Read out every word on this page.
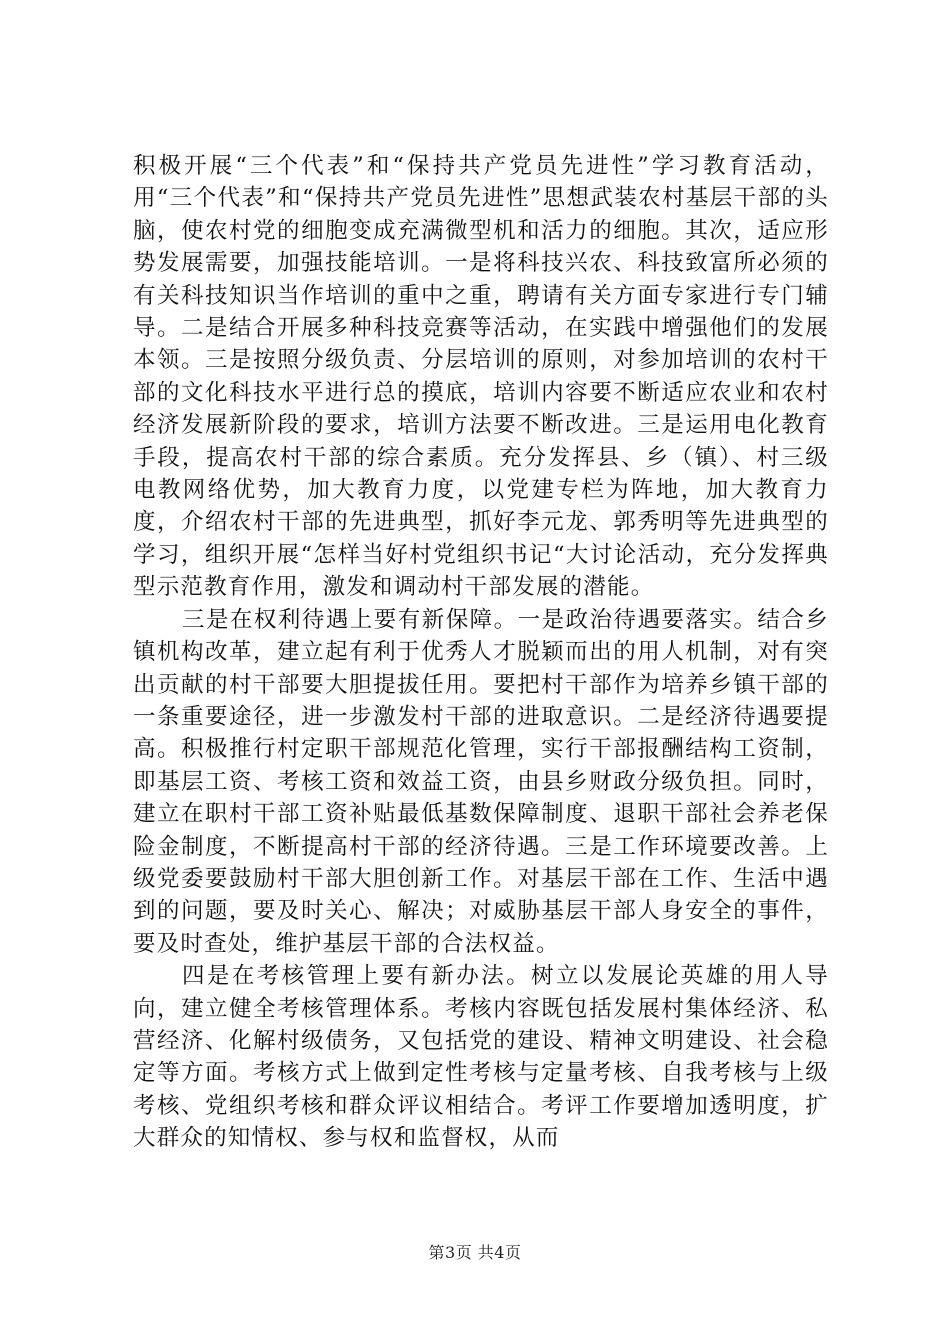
积极开展“三个代表”和“保持共产党员先进性”学习教育活动，用“三个代表”和“保持共产党员先进性”思想武装农村基层干部的头脑，使农村党的细胞变成充满微型机和活力的细胞。其次，适应形势发展需要，加强技能培训。一是将科技兴农、科技致富所必须的有关科技知识当作培训的重中之重，聘请有关方面专家进行专门辅导。二是结合开展多种科技竞赛等活动，在实践中增强他们的发展本领。三是按照分级负责、分层培训的原则，对参加培训的农村干部的文化科技水平进行总的摸底，培训内容要不断适应农业和农村经济发展新阶段的要求，培训方法要不断改进。三是运用电化教育手段，提高农村干部的综合素质。充分发挥县、乡（镇）、村三级电教网络优势，加大教育力度，以党建专栏为阵地，加大教育力度，介绍农村干部的先进典型，抓好李元龙、郭秀明等先进典型的学习，组织开展“怎样当好村党组织书记“大讨论活动，充分发挥典型示范教育作用，激发和调动村干部发展的潜能。

三是在权利待遇上要有新保障。一是政治待遇要落实。结合乡镇机构改革，建立起有利于优秀人才脱颖而出的用人机制，对有突出贡献的村干部要大胆提拔任用。要把村干部作为培养乡镇干部的一条重要途径，进一步激发村干部的进取意识。二是经济待遇要提高。积极推行村定职干部规范化管理，实行干部报酬结构工资制，即基层工资、考核工资和效益工资，由县乡财政分级负担。同时，建立在职村干部工资补贴最低基数保障制度、退职干部社会养老保险金制度，不断提高村干部的经济待遇。三是工作环境要改善。上级党委要鼓励村干部大胆创新工作。对基层干部在工作、生活中遇到的问题，要及时关心、解决；对威胁基层干部人身安全的事件，要及时查处，维护基层干部的合法权益。

四是在考核管理上要有新办法。树立以发展论英雄的用人导向，建立健全考核管理体系。考核内容既包括发展村集体经济、私营经济、化解村级债务，又包括党的建设、精神文明建设、社会稳定等方面。考核方式上做到定性考核与定量考核、自我考核与上级考核、党组织考核和群众评议相结合。考评工作要增加透明度，扩大群众的知情权、参与权和监督权，从而

第3页 共4页
